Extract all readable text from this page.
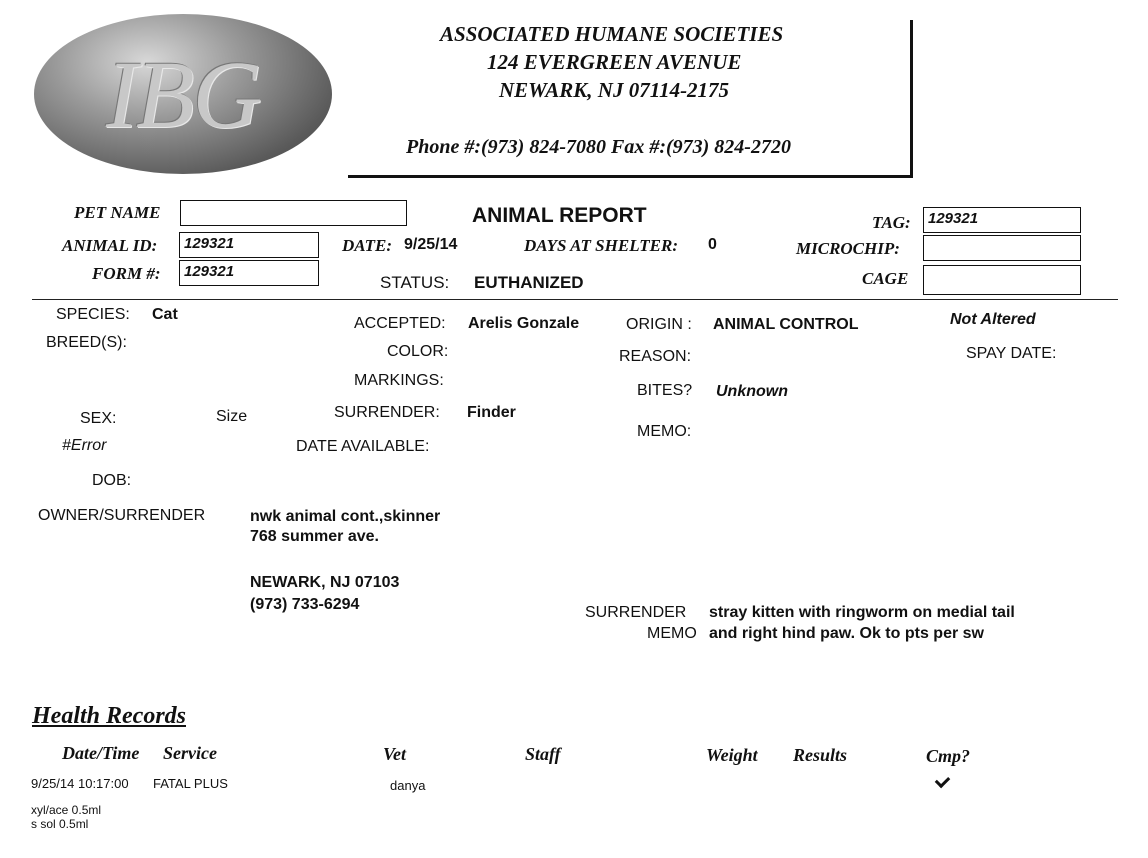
IBG
ASSOCIATED HUMANE SOCIETIES
124 EVERGREEN AVENUE
NEWARK, NJ 07114-2175
Phone #:(973) 824-7080 Fax #:(973) 824-2720
PET NAME	ANIMAL REPORT	TAG: 129321
ANIMAL ID: 129321	DATE: 9/25/14	DAYS AT SHELTER: 0	MICROCHIP:
FORM #: 129321
STATUS: EUTHANIZED	CAGE
SPECIES: Cat
BREED(S):
ACCEPTED: Arelis Gonzale
COLOR:
MARKINGS:
ORIGIN : ANIMAL CONTROL
REASON:
BITES? Unknown
MEMO:
Not Altered
SPAY DATE:
SEX:	Size	SURRENDER: Finder
#Error	DATE AVAILABLE:
DOB:
OWNER/SURRENDER	nwk animal cont.,skinner
768 summer ave.
NEWARK, NJ 07103
(973) 733-6294	SURRENDER
MEMO
stray kitten with ringworm on medial tail
and right hind paw. Ok to pts per sw
Health Records
Date/Time Service	Vet	Staff	Weight Results	Cmp?
9/25/14 10:17:00 FATAL PLUS	danya
xyl/ace 0.5ml
s sol 0.5ml
